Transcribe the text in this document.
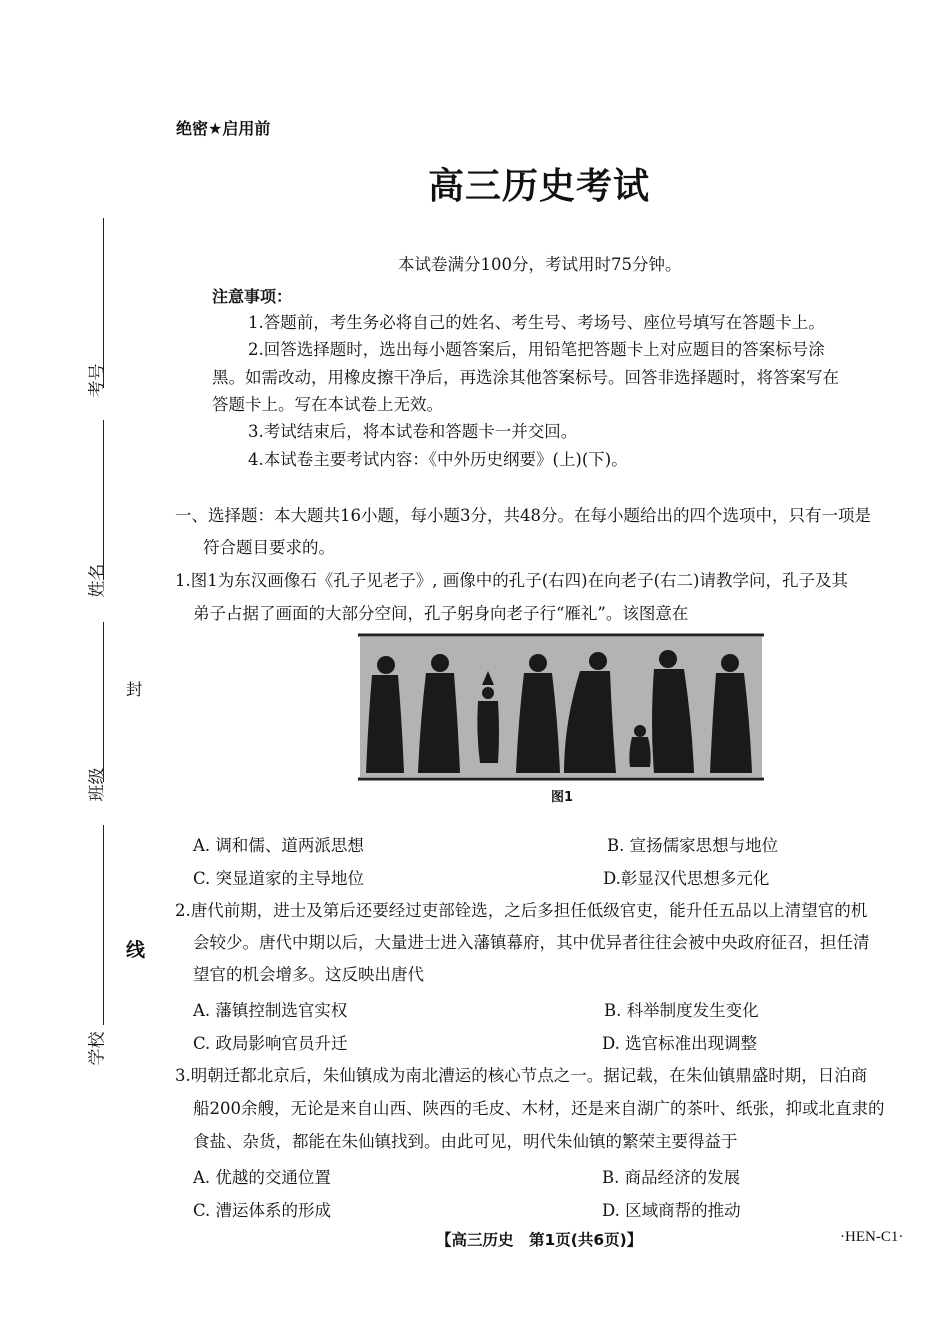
考号
姓名
封
班级
线
学校
绝密★启用前
高三历史考试
本试卷满分100分，考试用时75分钟。
注意事项：
1.答题前，考生务必将自己的姓名、考生号、考场号、座位号填写在答题卡上。
2.回答选择题时，选出每小题答案后，用铅笔把答题卡上对应题目的答案标号涂
黑。如需改动，用橡皮擦干净后，再选涂其他答案标号。回答非选择题时，将答案写在
答题卡上。写在本试卷上无效。
3.考试结束后，将本试卷和答题卡一并交回。
4.本试卷主要考试内容：《中外历史纲要》(上)(下)。
一、选择题：本大题共16小题，每小题3分，共48分。在每小题给出的四个选项中，只有一项是
符合题目要求的。
1.图1为东汉画像石《孔子见老子》, 画像中的孔子(右四)在向老子(右二)请教学问，孔子及其
弟子占据了画面的大部分空间，孔子躬身向老子行“雁礼”。该图意在
图1
A. 调和儒、道两派思想	B. 宣扬儒家思想与地位
C. 突显道家的主导地位	D.彰显汉代思想多元化
2.唐代前期，进士及第后还要经过吏部铨选，之后多担任低级官吏，能升任五品以上清望官的机
会较少。唐代中期以后，大量进士进入藩镇幕府，其中优异者往往会被中央政府征召，担任清
望官的机会增多。这反映出唐代
A. 藩镇控制选官实权	B. 科举制度发生变化
C. 政局影响官员升迁	D. 选官标准出现调整
3.明朝迁都北京后，朱仙镇成为南北漕运的核心节点之一。据记载，在朱仙镇鼎盛时期，日泊商
船200余艘，无论是来自山西、陕西的毛皮、木材，还是来自湖广的茶叶、纸张，抑或北直隶的
食盐、杂货，都能在朱仙镇找到。由此可见，明代朱仙镇的繁荣主要得益于
A. 优越的交通位置	B. 商品经济的发展
C. 漕运体系的形成	D. 区域商帮的推动
【高三历史　第1页(共6页)】	·HEN-C1·
